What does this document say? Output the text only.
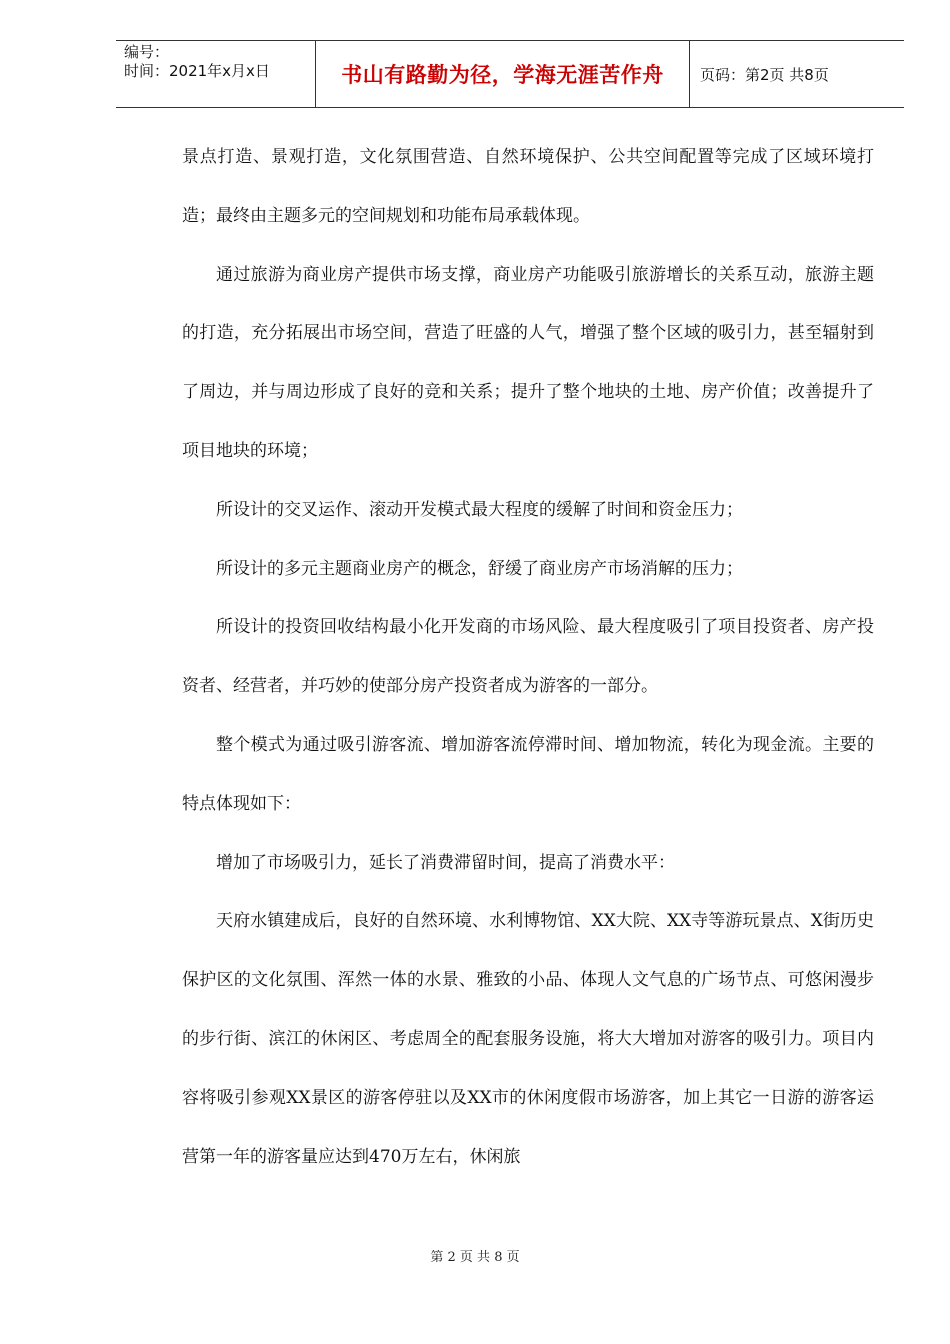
编号：
时间：2021年x月x日	书山有路勤为径，学海无涯苦作舟	页码：第2页 共8页

景点打造、景观打造，文化氛围营造、自然环境保护、公共空间配置等完成了区域环境打造；最终由主题多元的空间规划和功能布局承载体现。

通过旅游为商业房产提供市场支撑，商业房产功能吸引旅游增长的关系互动，旅游主题的打造，充分拓展出市场空间，营造了旺盛的人气，增强了整个区域的吸引力，甚至辐射到了周边，并与周边形成了良好的竞和关系；提升了整个地块的土地、房产价值；改善提升了项目地块的环境；

所设计的交叉运作、滚动开发模式最大程度的缓解了时间和资金压力；

所设计的多元主题商业房产的概念，舒缓了商业房产市场消解的压力；

所设计的投资回收结构最小化开发商的市场风险、最大程度吸引了项目投资者、房产投资者、经营者，并巧妙的使部分房产投资者成为游客的一部分。

整个模式为通过吸引游客流、增加游客流停滞时间、增加物流，转化为现金流。主要的特点体现如下：

增加了市场吸引力，延长了消费滞留时间，提高了消费水平：

天府水镇建成后，良好的自然环境、水利博物馆、XX大院、XX寺等游玩景点、X街历史保护区的文化氛围、浑然一体的水景、雅致的小品、体现人文气息的广场节点、可悠闲漫步的步行街、滨江的休闲区、考虑周全的配套服务设施，将大大增加对游客的吸引力。项目内容将吸引参观XX景区的游客停驻以及XX市的休闲度假市场游客，加上其它一日游的游客运营第一年的游客量应达到470万左右，休闲旅

第 2 页 共 8 页
